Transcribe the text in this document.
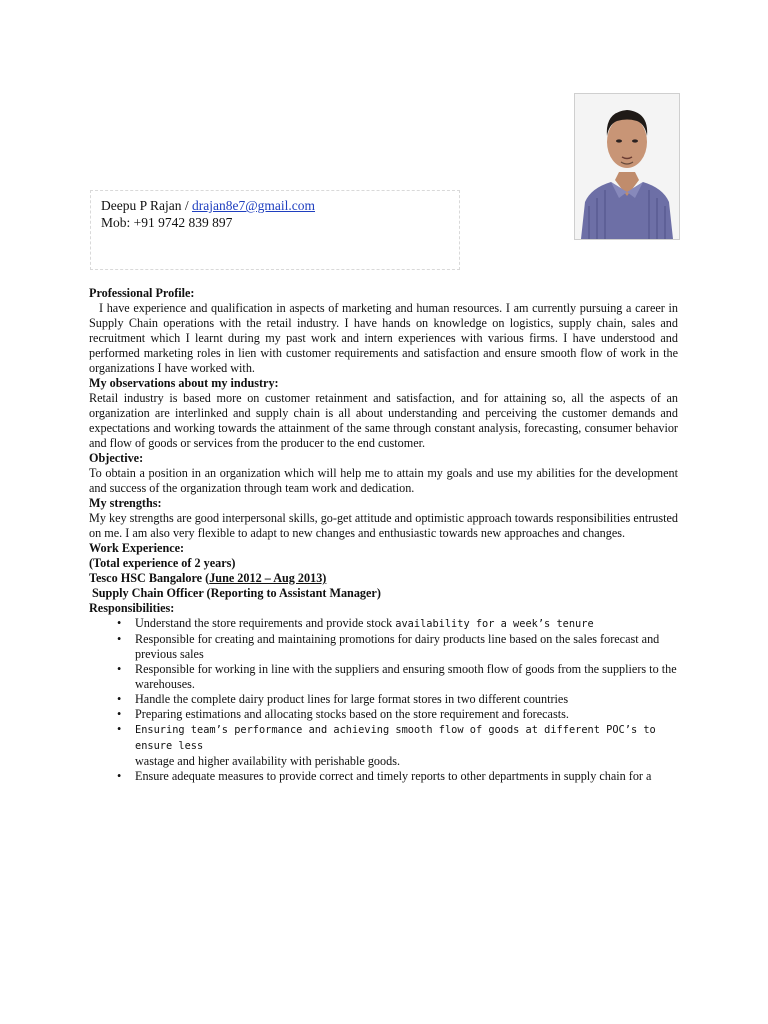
Deepu P Rajan / drajan8e7@gmail.com
Mob: +91 9742 839 897

Professional Profile:

I have experience and qualification in aspects of marketing and human resources. I am currently pursuing a career in Supply Chain operations with the retail industry. I have hands on knowledge on logistics, supply chain, sales and recruitment which I learnt during my past work and intern experiences with various firms. I have understood and performed marketing roles in lien with customer requirements and satisfaction and ensure smooth flow of work in the organizations I have worked with.

My observations about my industry:

Retail industry is based more on customer retainment and satisfaction, and for attaining so, all the aspects of an organization are interlinked and supply chain is all about understanding and perceiving the customer demands and expectations and working towards the attainment of the same through constant analysis, forecasting, consumer behavior and flow of goods or services from the producer to the end customer.

Objective:

To obtain a position in an organization which will help me to attain my goals and use my abilities for the development and success of the organization through team work and dedication.

My strengths:

My key strengths are good interpersonal skills, go-get attitude and optimistic approach towards responsibilities entrusted on me. I am also very flexible to adapt to new changes and enthusiastic towards new approaches and changes.

Work Experience:

(Total experience of 2 years)

Tesco HSC Bangalore (June 2012 – Aug 2013)

Supply Chain Officer (Reporting to Assistant Manager)

Responsibilities:

• Understand the store requirements and provide stock availability for a week’s tenure
• Responsible for creating and maintaining promotions for dairy products line based on the sales forecast and previous sales
• Responsible for working in line with the suppliers and ensuring smooth flow of goods from the suppliers to the warehouses.
• Handle the complete dairy product lines for large format stores in two different countries
• Preparing estimations and allocating stocks based on the store requirement and forecasts.
• Ensuring team’s performance and achieving smooth flow of goods at different POC’s to ensure less
wastage and higher availability with perishable goods.
• Ensure adequate measures to provide correct and timely reports to other departments in supply chain for a
